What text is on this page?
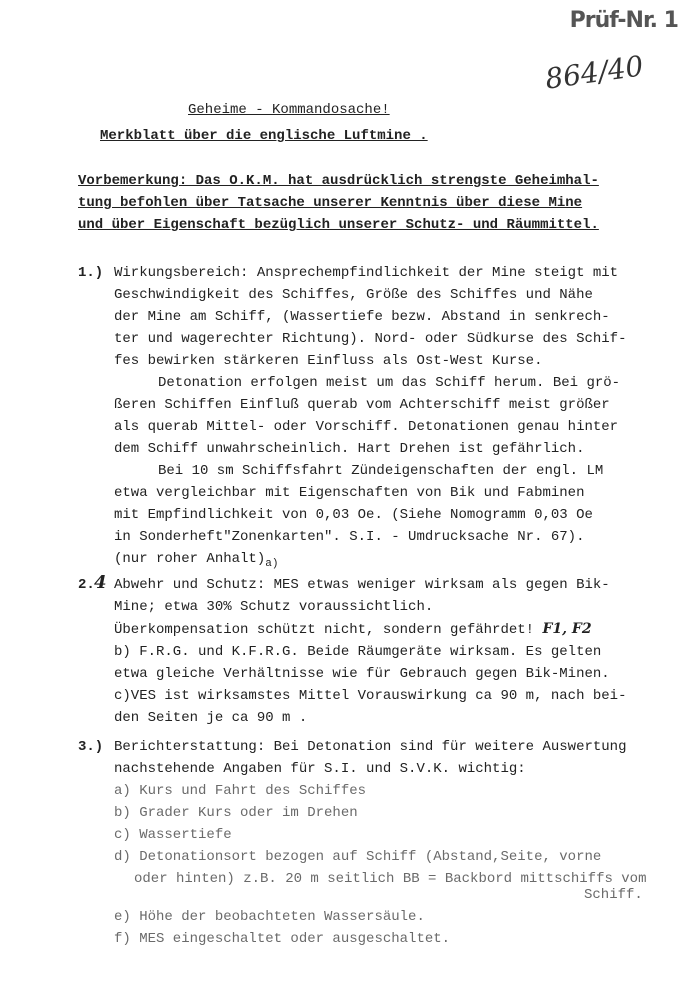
Prüf-Nr. 1
864/40
Geheime - Kommandosache!
Merkblatt über die englische Luftmine .
Vorbemerkung: Das O.K.M. hat ausdrücklich strengste Geheimhal-
tung befohlen über Tatsache unserer Kenntnis über diese Mine
und über Eigenschaft bezüglich unserer Schutz- und Räummittel.
1.) Wirkungsbereich: Ansprechempfindlichkeit der Mine steigt mit
Geschwindigkeit des Schiffes, Größe des Schiffes und Nähe
der Mine am Schiff, (Wassertiefe bezw. Abstand in senkrech-
ter und wagerechter Richtung). Nord- oder Südkurse des Schif-
fes bewirken stärkeren Einfluss als Ost-West Kurse.
Detonation erfolgen meist um das Schiff herum. Bei grö-
ßeren Schiffen Einfluß querab vom Achterschiff meist größer
als querab Mittel- oder Vorschiff. Detonationen genau hinter
dem Schiff unwahrscheinlich. Hart Drehen ist gefährlich.
Bei 10 sm Schiffsfahrt Zündeigenschaften der engl. LM
etwa vergleichbar mit Eigenschaften von Bik und Fabminen
mit Empfindlichkeit von 0,03 Oe. (Siehe Nomogramm 0,03 Oe
in Sonderheft"Zonenkarten". S.I. - Umdrucksache Nr. 67).
(nur roher $Anhalt)_{a)}$
2. 4 Abwehr und Schutz: MES etwas weniger wirksam als gegen Bik-
Mine; etwa 30% Schutz voraussichtlich.
Überkompensation schützt nicht, sondern gefährdet! F1, F2
b) F.R.G. und K.F.R.G. Beide Räumgeräte wirksam. Es gelten
etwa gleiche Verhältnisse wie für Gebrauch gegen Bik-Minen.
c)VES ist wirksamstes Mittel Vorauswirkung ca 90 m, nach bei-
den Seiten je ca 90 m .
3.) Berichterstattung: Bei Detonation sind für weitere Auswertung
nachstehende Angaben für S.I. und S.V.K. wichtig:
a) Kurs und Fahrt des Schiffes
b) Grader Kurs oder im Drehen
c) Wassertiefe
d) Detonationsort bezogen auf Schiff (Abstand,Seite, vorne
oder hinten) z.B. 20 m seitlich BB = Backbord mittschiffs vom
Schiff.
e) Höhe der beobachteten Wassersäule.
f) MES eingeschaltet oder ausgeschaltet.
